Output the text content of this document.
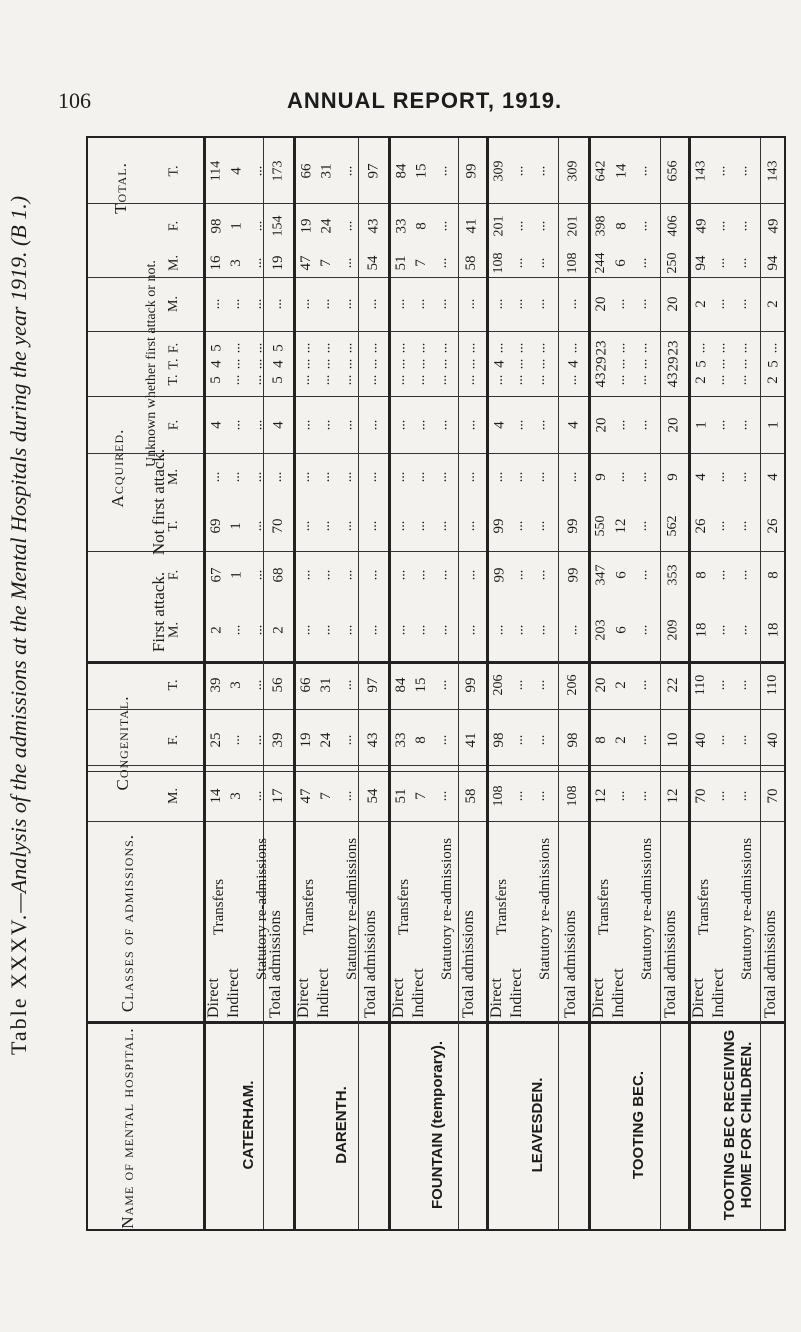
106	ANNUAL REPORT, 1919.
Table XXXV.—Analysis of the admissions at the Mental Hospitals during the year 1919. (B 1.)
Total.
Acquired.
Congenital.
Classes of admissions.
Name of mental hospital.
First attack.
Not first attack.
Unknown whether first attack or not. M.
F.
T.
M.
F.
T.
M.
F.
T.
M.
F.
T.
M.
F.
T.
Direct Indirect
Transfers Statutory re-admissions
Total admissions
CATERHAM.
14
25
39
2
67
69
...
4
4
...
5
5
16
98
114
3
...
3
...
1
1
...
...
...
...
...
...
3
1
4
...
...
...
...
...
...
...
...
...
...
...
...
...
...
...
17
39
56
2
68
70
...
4
4
...
5
5
19
154
173
Direct Indirect
Transfers Statutory re-admissions Total admissions
DARENTH.
47
19
66
...
...
...
...
...
...
...
...
...
47
19
66
7
24
31
...
...
...
...
...
...
...
...
...
7
24
31
...
...
...
...
...
...
...
...
...
...
...
...
...
...
...
54
43
97
...
...
...
...
...
...
...
...
...
54
43
97
Direct Indirect
Transfers Statutory re-admissions Total admissions
FOUNTAIN (temporary).
51
33
84
...
...
...
...
...
...
...
...
...
51
33
84
7
8
15
...
...
...
...
...
...
...
...
...
7
8
15
...
...
...
...
...
...
...
...
...
...
...
...
...
...
...
58
41
99
...
...
...
...
...
...
...
...
...
58
41
99
Direct Indirect
Transfers Statutory re-admissions Total admissions
LEAVESDEN.
108
98
206
...
99
99
...
4
4
...
...
...
108
201
309
...
...
...
...
...
...
...
...
...
...
...
...
...
...
...
...
...
...
...
...
...
...
...
...
...
...
...
...
...
...
108
98
206
...
99
99
...
4
4
...
...
...
108
201
309
Direct Indirect
Transfers Statutory re-admissions Total admissions
TOOTING BEC.
12
8
20
203
347
550
9
20
29
20
23
43
244
398
642
...
2
2
6
6
12
...
...
...
...
...
...
6
8
14
...
...
...
...
...
...
...
...
...
...
...
...
...
...
...
12
10
22
209
353
562
9
20
29
20
23
43
250
406
656
Direct Indirect
Transfers Statutory re-admissions Total admissions
TOOTING BEC RECEIVING HOME FOR CHILDREN.
70
40
110
18
8
26
4
1
5
2
...
2
94
49
143
...
...
...
...
...
...
...
...
...
...
...
...
...
...
...
...
...
...
...
...
...
...
...
...
...
...
...
...
...
...
70
40
110
18
8
26
4
1
5
2
...
2
94
49
143
